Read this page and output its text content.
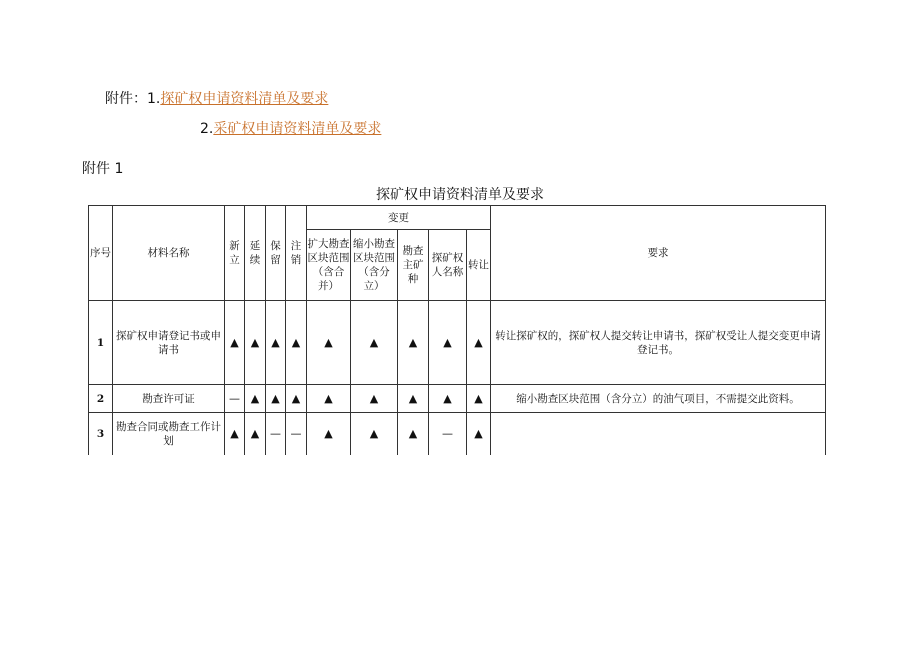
附件：1.探矿权申请资料清单及要求
2.采矿权申请资料清单及要求
附件 1
探矿权申请资料清单及要求
序号	材料名称	新立	延续	保留	注销	变更					要求
						扩大勘查区块范围（含合并）	缩小勘查区块范围（含分立）	勘查主矿种	探矿权人名称	转让	
1	探矿权申请登记书或申请书	▲	▲	▲	▲	▲	▲	▲	▲	▲	转让探矿权的，探矿权人提交转让申请书，探矿权受让人提交变更申请登记书。
2	勘查许可证	—	▲	▲	▲	▲	▲	▲	▲	▲	缩小勘查区块范围（含分立）的油气项目，不需提交此资料。
3	勘查合同或勘查工作计划	▲	▲	—	—	▲	▲	▲	—	▲	
